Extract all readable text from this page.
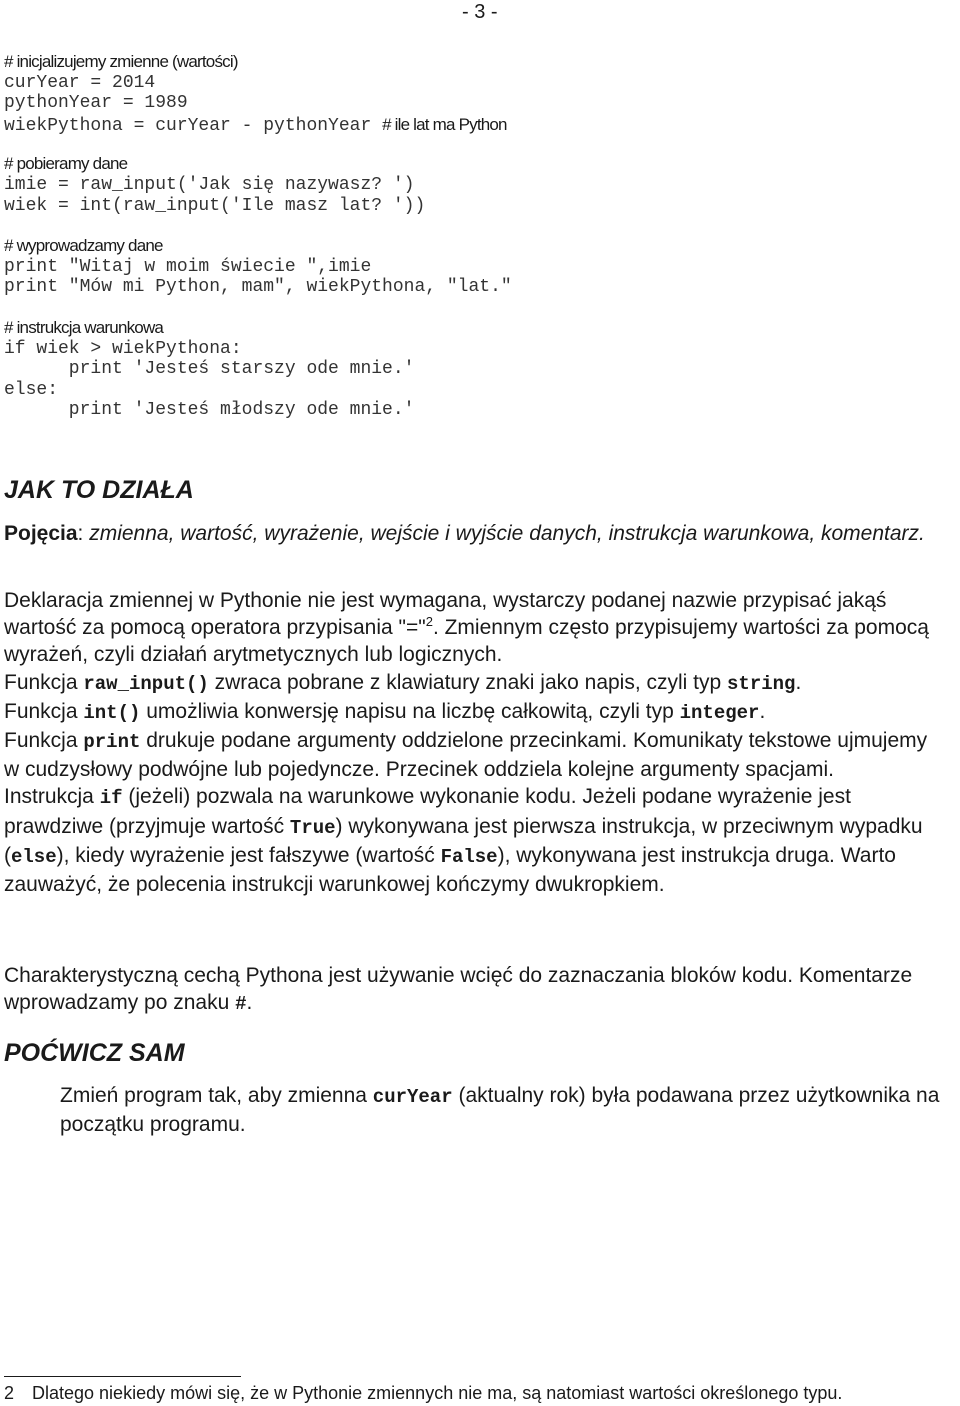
- 3 -
# inicjalizujemy zmienne (wartości)
curYear = 2014
pythonYear = 1989
wiekPythona = curYear - pythonYear # ile lat ma Python
# pobieramy dane
imie = raw_input('Jak się nazywasz? ')
wiek = int(raw_input('Ile masz lat? '))
# wyprowadzamy dane
print "Witaj w moim świecie ",imie
print "Mów mi Python, mam", wiekPythona, "lat."
# instrukcja warunkowa
if wiek > wiekPythona:
print 'Jesteś starszy ode mnie.'
else:
print 'Jesteś młodszy ode mnie.'
JAK TO DZIAŁA

Pojęcia: zmienna, wartość, wyrażenie, wejście i wyjście danych, instrukcja warunkowa, komentarz.

Deklaracja zmiennej w Pythonie nie jest wymagana, wystarczy podanej nazwie przypisać jakąś wartość za pomocą operatora przypisania "="$^2$. Zmiennym często przypisujemy wartości za pomocą wyrażeń, czyli działań arytmetycznych lub logicznych.
Funkcja raw_input() zwraca pobrane z klawiatury znaki jako napis, czyli typ string.
Funkcja int() umożliwia konwersję napisu na liczbę całkowitą, czyli typ integer.
Funkcja print drukuje podane argumenty oddzielone przecinkami. Komunikaty tekstowe ujmujemy w cudzysłowy podwójne lub pojedyncze. Przecinek oddziela kolejne argumenty spacjami.
Instrukcja if (jeżeli) pozwala na warunkowe wykonanie kodu. Jeżeli podane wyrażenie jest prawdziwe (przyjmuje wartość True) wykonywana jest pierwsza instrukcja, w przeciwnym wypadku (else), kiedy wyrażenie jest fałszywe (wartość False), wykonywana jest instrukcja druga. Warto zauważyć, że polecenia instrukcji warunkowej kończymy dwukropkiem.

Charakterystyczną cechą Pythona jest używanie wcięć do zaznaczania bloków kodu. Komentarze wprowadzamy po znaku #.

POĆWICZ SAM

Zmień program tak, aby zmienna curYear (aktualny rok) była podawana przez użytkownika na początku programu.

2 Dlatego niekiedy mówi się, że w Pythonie zmiennych nie ma, są natomiast wartości określonego typu.
